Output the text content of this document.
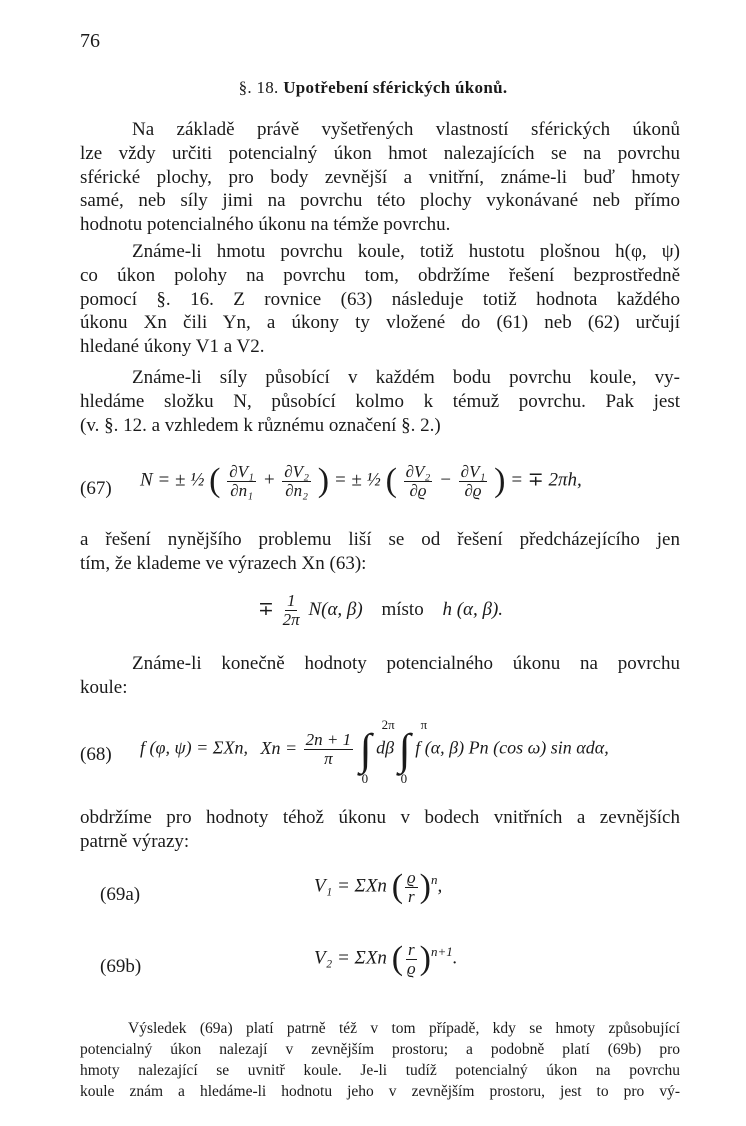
76
§. 18. Upotřebení sférických úkonů.
Na základě právě vyšetřených vlastností sférických úkonů
lze vždy určiti potencialný úkon hmot nalezajících se na povrchu
sférické plochy, pro body zevnější a vnitřní, známe-li buď hmoty
samé, neb síly jimi na povrchu této plochy vykonávané neb přímo
hodnotu potencialného úkonu na témže povrchu.
Známe-li hmotu povrchu koule, totiž hustotu plošnou h(φ, ψ)
co úkon polohy na povrchu tom, obdržíme řešení bezprostředně
pomocí §. 16. Z rovnice (63) následuje totiž hodnota každého
úkonu Xn čili Yn, a úkony ty vložené do (61) neb (62) určují
hledané úkony V1 a V2.
Známe-li síly působící v každém bodu povrchu koule, vy-
hledáme složku N, působící kolmo k témuž povrchu. Pak jest
(v. §. 12. a vzhledem k různému označení §. 2.)
(67) N = ± ½ ( $\frac{\text{∂V₁}}{\text{∂n₁}} + \frac{\text{∂V₂}}{\text{∂n₂}}$ ) = ± ½ ( $\frac{\text{∂V₂}}{\partial ϱ} - \frac{\text{∂V₁}}{\partial ϱ}$ ) = ∓ 2πh,
a řešení nynějšího problemu liší se od řešení předcházejícího jen
tím, že klademe ve výrazech Xn (63):
∓ $\frac{1}{2\pi} N(\alpha$, β) místo h (α, β).
Známe-li konečně hodnoty potencialného úkonu na povrchu
koule:
(68) f (φ, ψ) = ΣXn, $Xn = \frac{2n + 1}{\pi}$ ∫
2π
0
dβ ∫
π
0
f (α, β) Pn (cos ω) sin αdα,
obdržíme pro hodnoty téhož úkonu v bodech vnitřních a zevnějších
patrně výrazy:
(69a)	V₁ = ΣXn ( $\frac{ϱ}{r} )^n$,
(69b)	V₂ = ΣXn ( $\frac{r}{ϱ} )^{n+1}$.
Výsledek (69a) platí patrně též v tom případě, kdy se hmoty způsobující
potencialný úkon nalezají v zevnějším prostoru; a podobně platí (69b) pro
hmoty nalezající se uvnitř koule. Je-li tudíž potencialný úkon na povrchu
koule znám a hledáme-li hodnotu jeho v zevnějším prostoru, jest to pro vý-
